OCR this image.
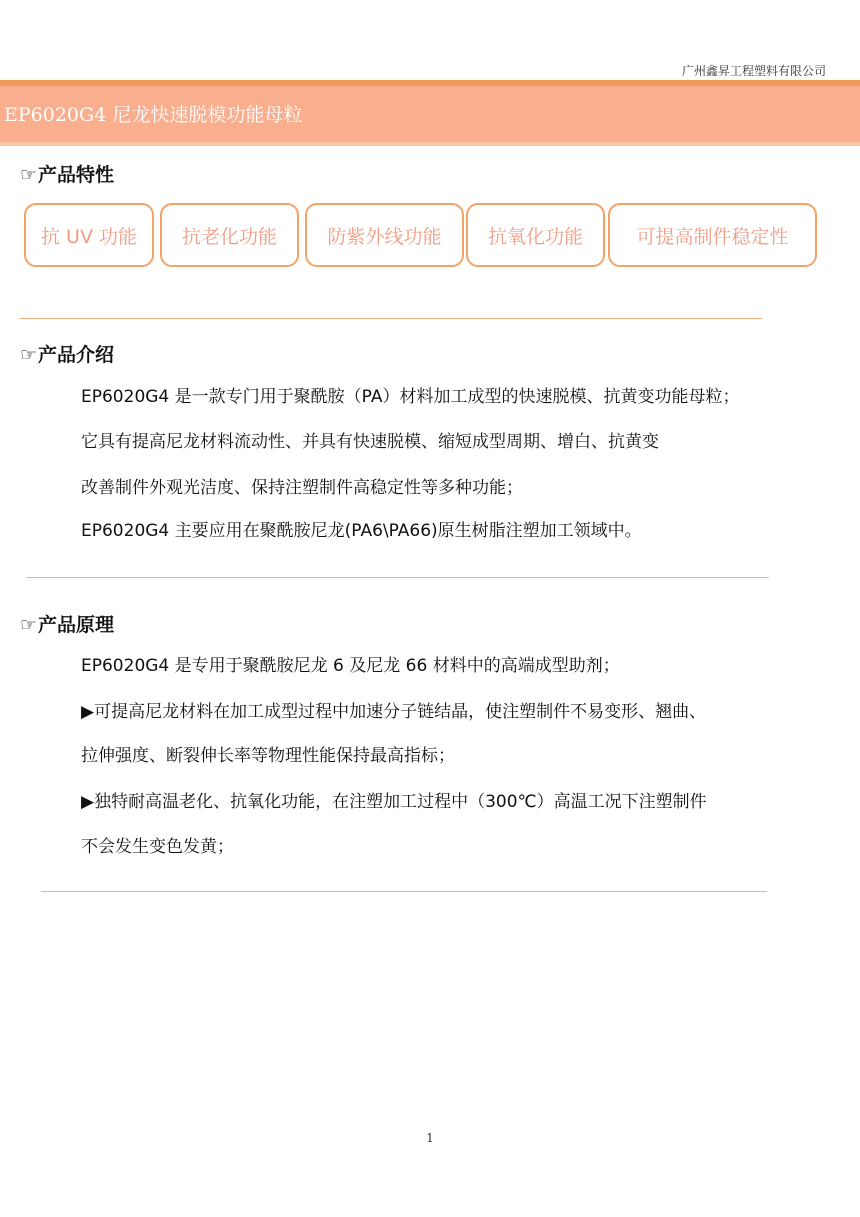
广州鑫昇工程塑料有限公司
EP6020G4 尼龙快速脱模功能母粒
☞产品特性
抗 UV 功能 抗老化功能	防紫外线功能 抗氧化功能	可提高制件稳定性
☞产品介绍
EP6020G4 是一款专门用于聚酰胺（PA）材料加工成型的快速脱模、抗黄变功能母粒；
它具有提高尼龙材料流动性、并具有快速脱模、缩短成型周期、增白、抗黄变
改善制件外观光洁度、保持注塑制件高稳定性等多种功能；
EP6020G4 主要应用在聚酰胺尼龙(PA6\PA66)原生树脂注塑加工领域中。
☞产品原理
EP6020G4 是专用于聚酰胺尼龙 6 及尼龙 66 材料中的高端成型助剂；
▶可提高尼龙材料在加工成型过程中加速分子链结晶，使注塑制件不易变形、翘曲、
拉伸强度、断裂伸长率等物理性能保持最高指标；
▶独特耐高温老化、抗氧化功能，在注塑加工过程中（300℃）高温工况下注塑制件
不会发生变色发黄；
1
